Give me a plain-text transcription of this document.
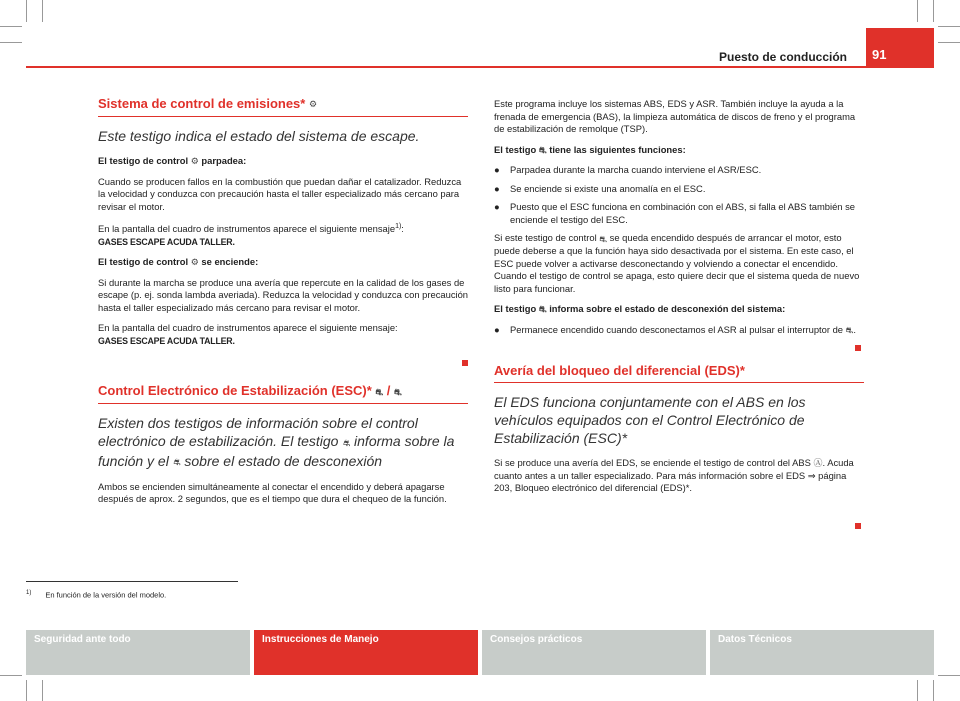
Puesto de conducción	91
Sistema de control de emisiones* ⚙
Este testigo indica el estado del sistema de escape.

El testigo de control ⚙ parpadea:

Cuando se producen fallos en la combustión que puedan dañar el catalizador. Reduzca la velocidad y conduzca con precaución hasta el taller especializado más cercano para revisar el motor.

En la pantalla del cuadro de instrumentos aparece el siguiente mensaje$^{1)}$:

GASES ESCAPE ACUDA TALLER.

El testigo de control ⚙ se enciende:

Si durante la marcha se produce una avería que repercute en la calidad de los gases de escape (p. ej. sonda lambda averiada). Reduzca la velocidad y conduzca con precaución hasta el taller especializado más cercano para revisar el motor.

En la pantalla del cuadro de instrumentos aparece el siguiente mensaje:

GASES ESCAPE ACUDA TALLER.

Control Electrónico de Estabilización (ESC)* ⛐ / ⛐
Existen dos testigos de información sobre el control electrónico de estabilización. El testigo ⛐ informa sobre la función y el ⛐ sobre el estado de desconexión

Ambos se encienden simultáneamente al conectar el encendido y deberá apagarse después de aprox. 2 segundos, que es el tiempo que dura el chequeo de la función.

Este programa incluye los sistemas ABS, EDS y ASR. También incluye la ayuda a la frenada de emergencia (BAS), la limpieza automática de discos de freno y el programa de estabilización de remolque (TSP).

El testigo ⛐ tiene las siguientes funciones:

●	Parpadea durante la marcha cuando interviene el ASR/ESC.
●	Se enciende si existe una anomalía en el ESC.
●	Puesto que el ESC funciona en combinación con el ABS, si falla el ABS también se enciende el testigo del ESC.

Si este testigo de control ⛐ se queda encendido después de arrancar el motor, esto puede deberse a que la función haya sido desactivada por el sistema. En este caso, el ESC puede volver a activarse desconectando y volviendo a conectar el encendido. Cuando el testigo de control se apaga, esto quiere decir que el sistema queda de nuevo listo para funcionar.

El testigo ⛐ informa sobre el estado de desconexión del sistema:

●	Permanece encendido cuando desconectamos el ASR al pulsar el interruptor de ⛐.
Avería del bloqueo del diferencial (EDS)*
El EDS funciona conjuntamente con el ABS en los vehículos equipados con el Control Electrónico de Estabilización (ESC)*

Si se produce una avería del EDS, se enciende el testigo de control del ABS Ⓐ. Acuda cuanto antes a un taller especializado. Para más información sobre el EDS ⇒ página 203, Bloqueo electrónico del diferencial (EDS)*.

$^{1)}$ En función de la versión del modelo.
Seguridad ante todo	Instrucciones de Manejo	Consejos prácticos	Datos Técnicos
